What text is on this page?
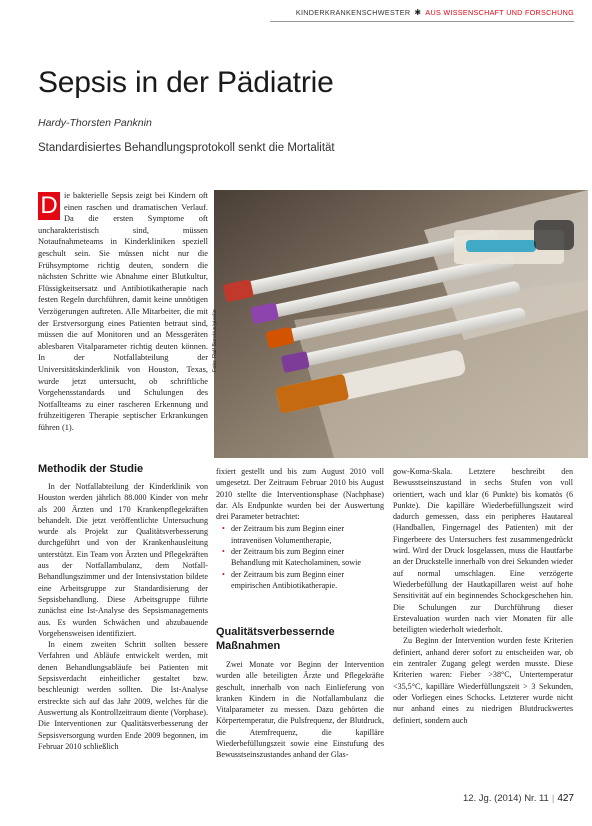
KINDERKRANKENSCHWESTER ✱ AUS WISSENSCHAFT UND FORSCHUNG
Sepsis in der Pädiatrie
Hardy-Thorsten Panknin
Standardisiertes Behandlungsprotokoll senkt die Mortalität

D ie bakterielle Sepsis zeigt bei Kindern oft einen raschen und dramatischen Verlauf. Da die ersten Symptome oft uncharakteristisch sind, müssen Notaufnahmeteams in Kinderkliniken speziell geschult sein. Sie müssen nicht nur die Frühsymptome richtig deuten, sondern die nächsten Schritte wie Abnahme einer Blutkultur, Flüssigkeitsersatz und Antibiotikatherapie nach festen Regeln durchführen, damit keine unnötigen Verzögerungen auftreten. Alle Mitarbeiter, die mit der Erstversorgung eines Patienten betraut sind, müssen die auf Monitoren und an Messgeräten ablesbaren Vitalparameter richtig deuten können. In der Notfallabteilung der Universitätskinderklinik von Houston, Texas, wurde jetzt untersucht, ob schriftliche Vorgehensstandards und Schulungen des Notfallteams zu einer rascheren Erkennung und frühzeitigeren Therapie septischer Erkrankungen führen (1).

Foto: Ralf Boretius/pixelio
Methodik der Studie

In der Notfallabteilung der Kinderklinik von Houston werden jährlich 88.000 Kinder von mehr als 200 Ärzten und 170 Krankenpflegekräften behandelt. Die jetzt veröffentlichte Untersuchung wurde als Projekt zur Qualitätsverbesserung durchgeführt und von der Krankenhausleitung unterstützt. Ein Team von Ärzten und Pflegekräften aus der Notfallambulanz, dem Notfall-Behandlungszimmer und der Intensivstation bildete eine Arbeitsgruppe zur Standardisierung der Sepsisbehandlung. Diese Arbeitsgruppe führte zunächst eine Ist-Analyse des Sepsismanagements aus. Es wurden Schwächen und abzubauende Vorgehensweisen identifiziert.

In einem zweiten Schritt sollten bessere Verfahren und Abläufe entwickelt werden, mit denen Behandlungsabläufe bei Patienten mit Sepsisverdacht einheitlicher gestaltet bzw. beschleunigt werden sollten. Die Ist-Analyse erstreckte sich auf das Jahr 2009, welches für die Auswertung als Kontrollzeitraum diente (Vorphase). Die Interventionen zur Qualitätsverbesserung der Sepsisversorgung wurden Ende 2009 begonnen, im Februar 2010 schließlich

fixiert gestellt und bis zum August 2010 voll umgesetzt. Der Zeitraum Februar 2010 bis August 2010 stellte die Interventionsphase (Nachphase) dar. Als Endpunkte wurden bei der Auswertung drei Parameter betrachtet:

• der Zeitraum bis zum Beginn einer intravenösen Volumentherapie,
• der Zeitraum bis zum Beginn einer Behandlung mit Katecholaminen, sowie
• der Zeitraum bis zum Beginn einer empirischen Antibiotikatherapie.
Qualitätsverbessernde Maßnahmen

Zwei Monate vor Beginn der Intervention wurden alle beteiligten Ärzte und Pflegekräfte geschult, innerhalb von nach Einlieferung von kranken Kindern in die Notfallambulanz die Vitalparameter zu messen. Dazu gehörten die Körpertemperatur, die Pulsfrequenz, der Blutdruck, die Atemfrequenz, die kapilläre Wiederbefüllungszeit sowie eine Einstufung des Bewusstseinszustandes anhand der Glas-

gow-Koma-Skala. Letztere beschreibt den Bewusstseinszustand in sechs Stufen von voll orientiert, wach und klar (6 Punkte) bis komatös (6 Punkte). Die kapilläre Wiederbefüllungszeit wird dadurch gemessen, dass ein peripheres Hautareal (Handballen, Fingernagel des Patienten) mit der Fingerbeere des Untersuchers fest zusammengedrückt wird. Wird der Druck losgelassen, muss die Hautfarbe an der Druckstelle innerhalb von drei Sekunden wieder auf normal umschlagen. Eine verzögerte Wiederbefüllung der Hautkapillaren weist auf hohe Sensitivität auf ein beginnendes Schockgeschehen hin. Die Schulungen zur Durchführung dieser Erstevaluation wurden nach vier Monaten für alle beteiligten wiederholt wiederholt.

Zu Beginn der Intervention wurden feste Kriterien definiert, anhand derer sofort zu entscheiden war, ob ein zentraler Zugang gelegt werden musste. Diese Kriterien waren: Fieber >38°C, Untertemperatur <35,5°C, kapilläre Wiederfüllungszeit > 3 Sekunden, oder Vorliegen eines Schocks. Letzterer wurde nicht nur anhand eines zu niedrigen Blutdruckwertes definiert, sondern auch

12. Jg. (2014) Nr. 11 | 427
